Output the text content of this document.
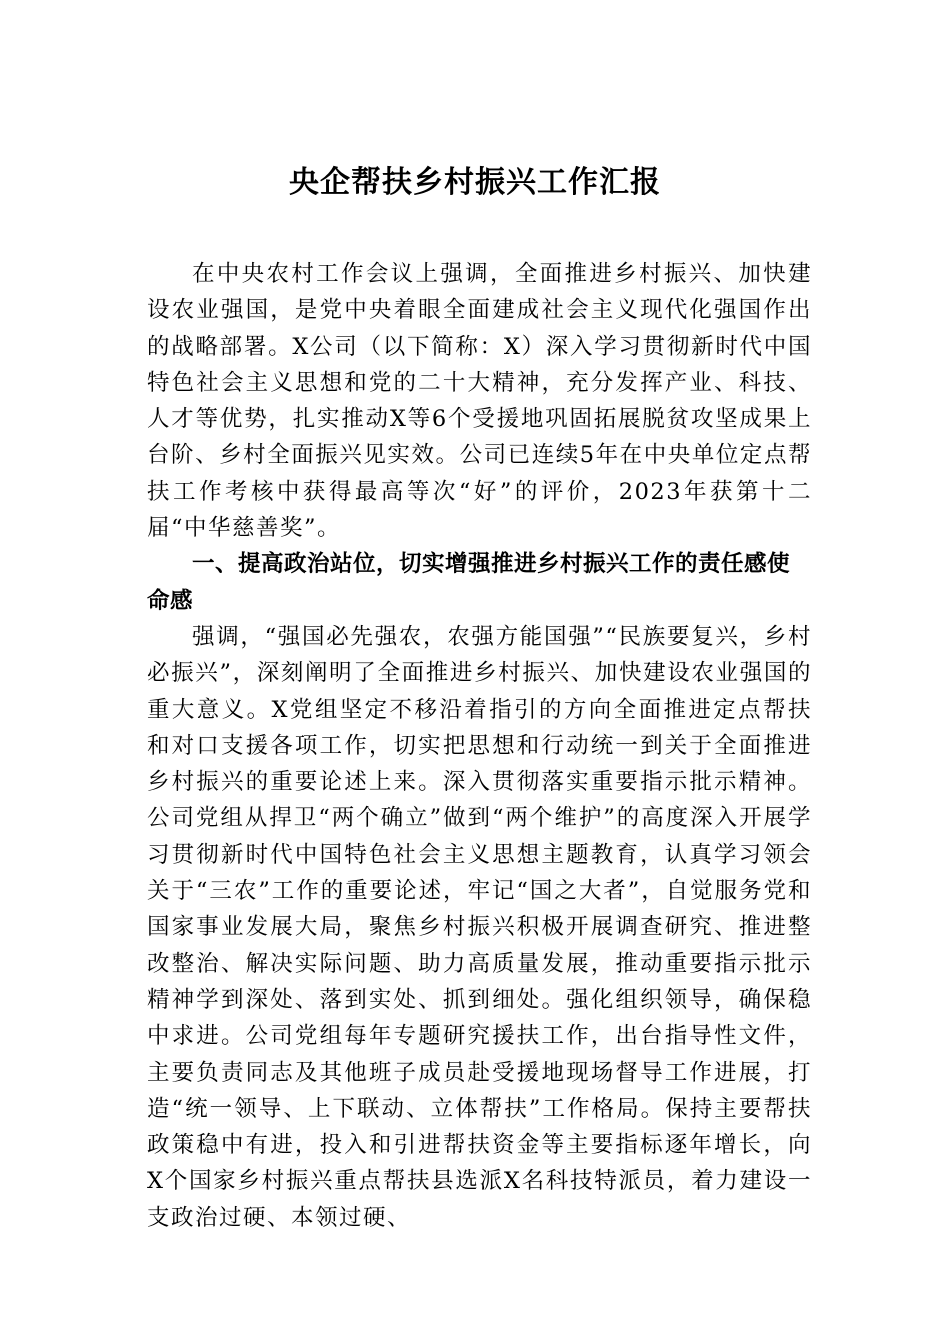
央企帮扶乡村振兴工作汇报

在中央农村工作会议上强调，全面推进乡村振兴、加快建设农业强国，是党中央着眼全面建成社会主义现代化强国作出的战略部署。X公司（以下简称：X）深入学习贯彻新时代中国特色社会主义思想和党的二十大精神，充分发挥产业、科技、人才等优势，扎实推动X等6个受援地巩固拓展脱贫攻坚成果上台阶、乡村全面振兴见实效。公司已连续5年在中央单位定点帮扶工作考核中获得最高等次“好”的评价，2023年获第十二届“中华慈善奖”。

一、提高政治站位，切实增强推进乡村振兴工作的责任感使命感

强调，“强国必先强农，农强方能国强”“民族要复兴，乡村必振兴”，深刻阐明了全面推进乡村振兴、加快建设农业强国的重大意义。X党组坚定不移沿着指引的方向全面推进定点帮扶和对口支援各项工作，切实把思想和行动统一到关于全面推进乡村振兴的重要论述上来。深入贯彻落实重要指示批示精神。公司党组从捍卫“两个确立”做到“两个维护”的高度深入开展学习贯彻新时代中国特色社会主义思想主题教育，认真学习领会关于“三农”工作的重要论述，牢记“国之大者”，自觉服务党和国家事业发展大局，聚焦乡村振兴积极开展调查研究、推进整改整治、解决实际问题、助力高质量发展，推动重要指示批示精神学到深处、落到实处、抓到细处。强化组织领导，确保稳中求进。公司党组每年专题研究援扶工作，出台指导性文件，主要负责同志及其他班子成员赴受援地现场督导工作进展，打造“统一领导、上下联动、立体帮扶”工作格局。保持主要帮扶政策稳中有进，投入和引进帮扶资金等主要指标逐年增长，向X个国家乡村振兴重点帮扶县选派X名科技特派员，着力建设一支政治过硬、本领过硬、
